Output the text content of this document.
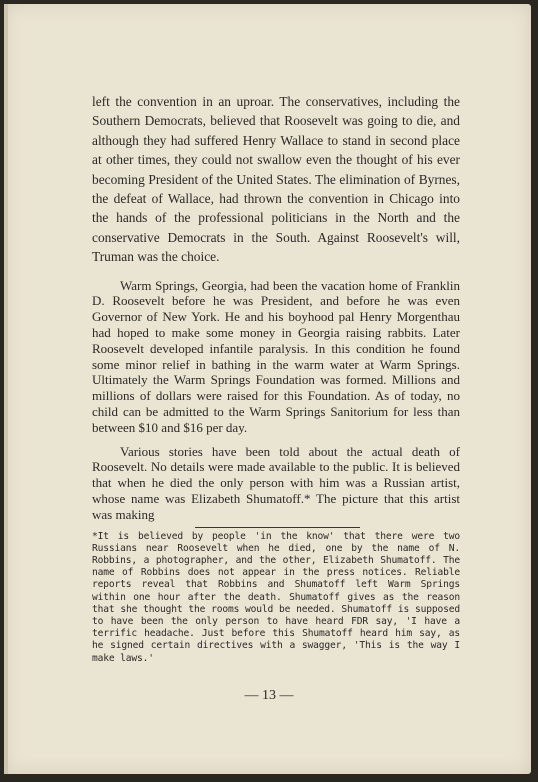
left the convention in an uproar. The conservatives, including the Southern Democrats, believed that Roosevelt was going to die, and although they had suffered Henry Wallace to stand in second place at other times, they could not swallow even the thought of his ever becoming President of the United States. The elimination of Byrnes, the defeat of Wallace, had thrown the convention in Chicago into the hands of the professional politicians in the North and the conservative Democrats in the South. Against Roosevelt's will, Truman was the choice.

Warm Springs, Georgia, had been the vacation home of Franklin D. Roosevelt before he was President, and before he was even Governor of New York. He and his boyhood pal Henry Morgenthau had hoped to make some money in Georgia raising rabbits. Later Roosevelt developed infantile paralysis. In this condition he found some minor relief in bathing in the warm water at Warm Springs. Ultimately the Warm Springs Foundation was formed. Millions and millions of dollars were raised for this Foundation. As of today, no child can be admitted to the Warm Springs Sanitorium for less than between $10 and $16 per day.

Various stories have been told about the actual death of Roosevelt. No details were made available to the public. It is believed that when he died the only person with him was a Russian artist, whose name was Elizabeth Shumatoff.* The picture that this artist was making

*It is believed by people 'in the know' that there were two Russians near Roosevelt when he died, one by the name of N. Robbins, a photographer, and the other, Elizabeth Shumatoff. The name of Robbins does not appear in the press notices. Reliable reports reveal that Robbins and Shumatoff left Warm Springs within one hour after the death. Shumatoff gives as the reason that she thought the rooms would be needed. Shumatoff is supposed to have been the only person to have heard FDR say, 'I have a terrific headache. Just before this Shumatoff heard him say, as he signed certain directives with a swagger, 'This is the way I make laws.'

— 13 —
